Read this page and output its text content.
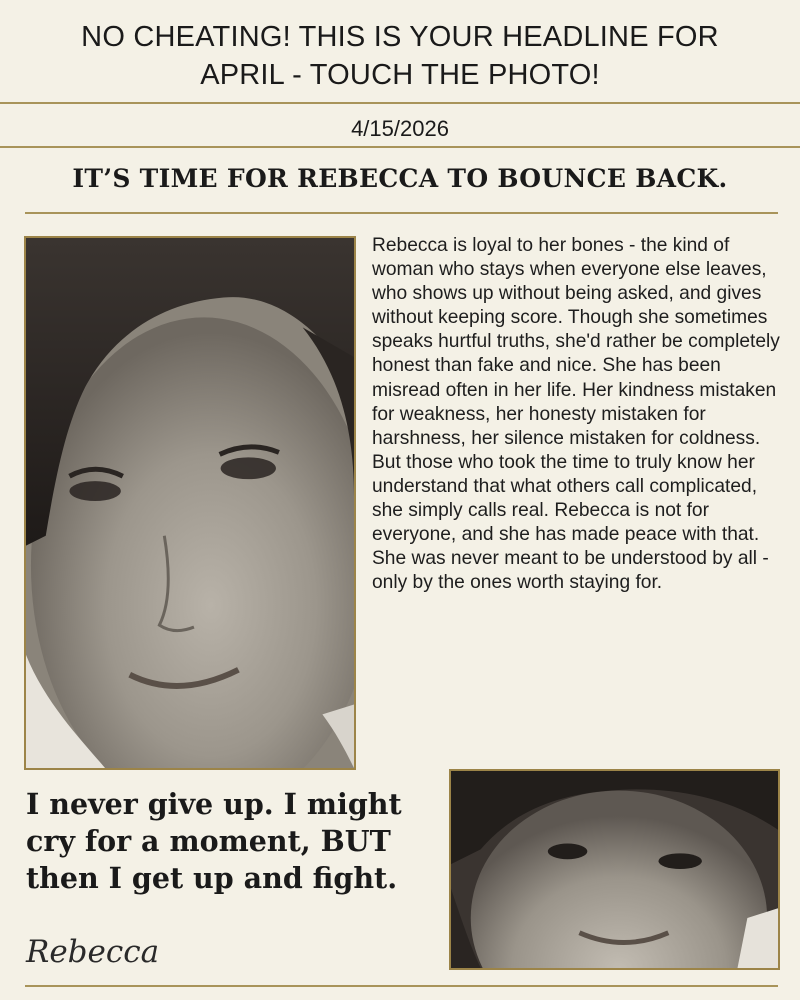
NO CHEATING! THIS IS YOUR HEADLINE FOR
APRIL - TOUCH THE PHOTO!
4/15/2026
IT’S TIME FOR REBECCA TO BOUNCE BACK.
Rebecca is loyal to her bones - the kind of woman who stays when everyone else leaves, who shows up without being asked, and gives without keeping score. Though she sometimes speaks hurtful truths, she'd rather be completely honest than fake and nice. She has been misread often in her life. Her kindness mistaken for weakness, her honesty mistaken for harshness, her silence mistaken for coldness. But those who took the time to truly know her understand that what others call complicated, she simply calls real. Rebecca is not for everyone, and she has made peace with that. She was never meant to be understood by all - only by the ones worth staying for.
I never give up. I might cry for a moment, BUT then I get up and fight.
Rebecca
